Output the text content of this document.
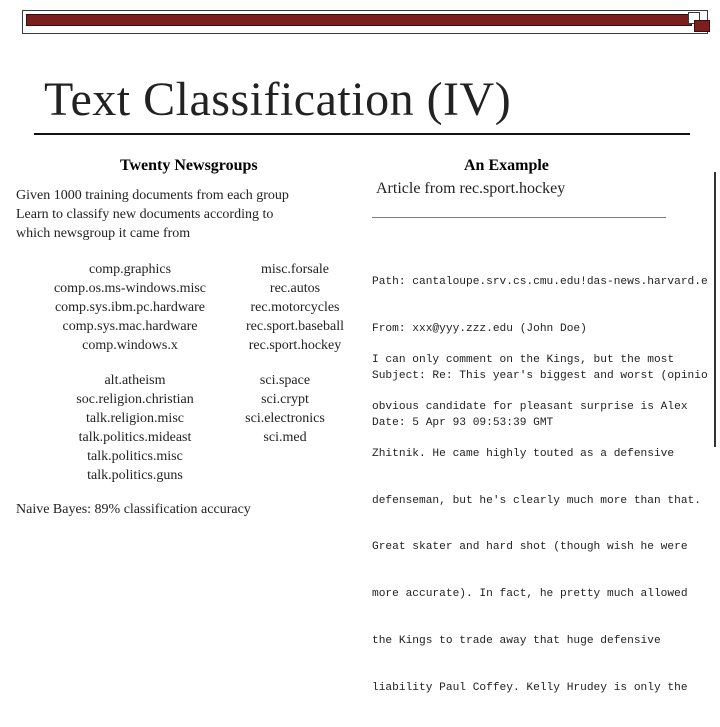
Text Classification (IV)
Twenty Newsgroups	An Example
Given 1000 training documents from each group
Learn to classify new documents according to
which newsgroup it came from
comp.graphics
comp.os.ms-windows.misc
comp.sys.ibm.pc.hardware
comp.sys.mac.hardware
comp.windows.x
misc.forsale
rec.autos
rec.motorcycles
rec.sport.baseball
rec.sport.hockey
alt.atheism
soc.religion.christian
talk.religion.misc
talk.politics.mideast
talk.politics.misc
talk.politics.guns
sci.space
sci.crypt
sci.electronics
sci.med
Naive Bayes: 89% classification accuracy
Article from rec.sport.hockey

Path: cantaloupe.srv.cs.cmu.edu!das-news.harvard.e

From: xxx@yyy.zzz.edu (John Doe)

Subject: Re: This year's biggest and worst (opinio

Date: 5 Apr 93 09:53:39 GMT

I can only comment on the Kings, but the most

obvious candidate for pleasant surprise is Alex

Zhitnik. He came highly touted as a defensive

defenseman, but he's clearly much more than that.

Great skater and hard shot (though wish he were

more accurate). In fact, he pretty much allowed

the Kings to trade away that huge defensive

liability Paul Coffey. Kelly Hrudey is only the
